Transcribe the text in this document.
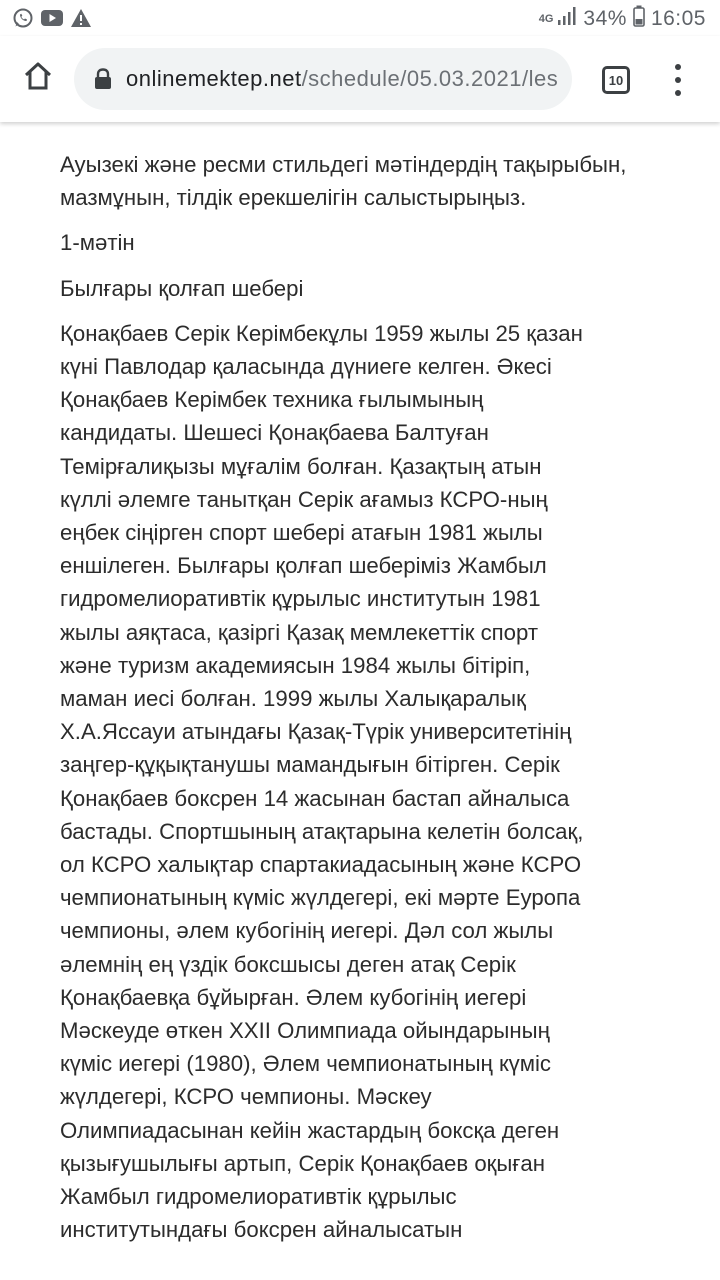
4G 34% 16:05
onlinemektep.net/schedule/05.03.2021/les	10

Ауызекі және ресми стильдегі мәтіндердің тақырыбын, мазмұнын, тілдік ерекшелігін салыстырыңыз.

1-мәтін

Былғары қолғап шебері

Қонақбаев Серік Керімбекұлы 1959 жылы 25 қазан
күні Павлодар қаласында дүниеге келген. Әкесі
Қонақбаев Керімбек техника ғылымының
кандидаты. Шешесі Қонақбаева Балтуған
Темірғалиқызы мұғалім болған. Қазақтың атын
күллі әлемге танытқан Серік ағамыз КСРО-ның
еңбек сіңірген спорт шебері атағын 1981 жылы
еншілеген. Былғары қолғап шеберіміз Жамбыл
гидромелиоративтік құрылыс институтын 1981
жылы аяқтаса, қазіргі Қазақ мемлекеттік спорт
және туризм академиясын 1984 жылы бітіріп,
маман иесі болған. 1999 жылы Халықаралық
Х.А.Яссауи атындағы Қазақ-Түрік университетінің
заңгер-құқықтанушы мамандығын бітірген. Серік
Қонақбаев боксрен 14 жасынан бастап айналыса
бастады. Спортшының атақтарына келетін болсақ,
ол КСРО халықтар спартакиадасының және КСРО
чемпионатының күміс жүлдегері, екі мәрте Еуропа
чемпионы, әлем кубогінің иегері. Дәл сол жылы
әлемнің ең үздік боксшысы деген атақ Серік
Қонақбаевқа бұйырған. Әлем кубогінің иегері
Мәскеуде өткен XXII Олимпиада ойындарының
күміс иегері (1980), Әлем чемпионатының күміс
жүлдегері, КСРО чемпионы. Мәскеу
Олимпиадасынан кейін жастардың боксқа деген
қызығушылығы артып, Серік Қонақбаев оқыған
Жамбыл гидромелиоративтік құрылыс
институтындағы боксрен айналысатын
